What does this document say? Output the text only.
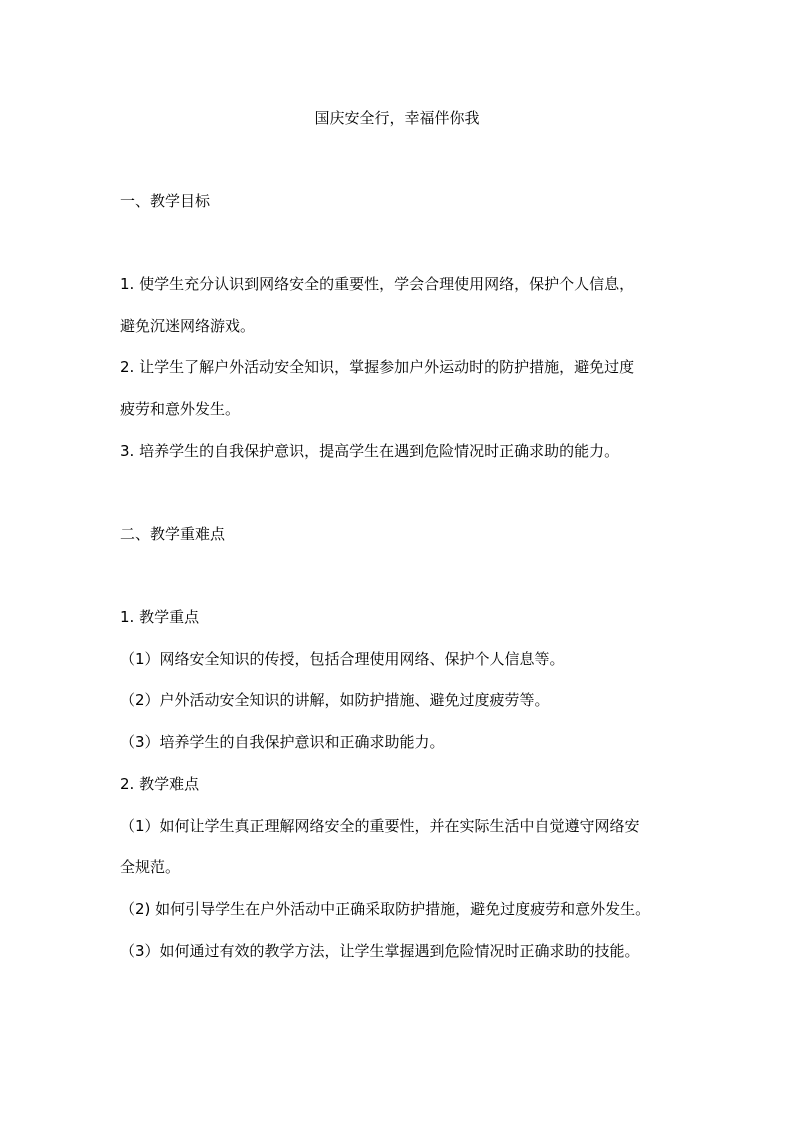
国庆安全行，幸福伴你我
一、教学目标
1. 使学生充分认识到网络安全的重要性，学会合理使用网络，保护个人信息，
避免沉迷网络游戏。
2. 让学生了解户外活动安全知识，掌握参加户外运动时的防护措施，避免过度
疲劳和意外发生。
3. 培养学生的自我保护意识，提高学生在遇到危险情况时正确求助的能力。
二、教学重难点
1. 教学重点
（1）网络安全知识的传授，包括合理使用网络、保护个人信息等。
（2）户外活动安全知识的讲解，如防护措施、避免过度疲劳等。
（3）培养学生的自我保护意识和正确求助能力。
2. 教学难点
（1）如何让学生真正理解网络安全的重要性，并在实际生活中自觉遵守网络安
全规范。
（2) 如何引导学生在户外活动中正确采取防护措施，避免过度疲劳和意外发生。
（3）如何通过有效的教学方法，让学生掌握遇到危险情况时正确求助的技能。
